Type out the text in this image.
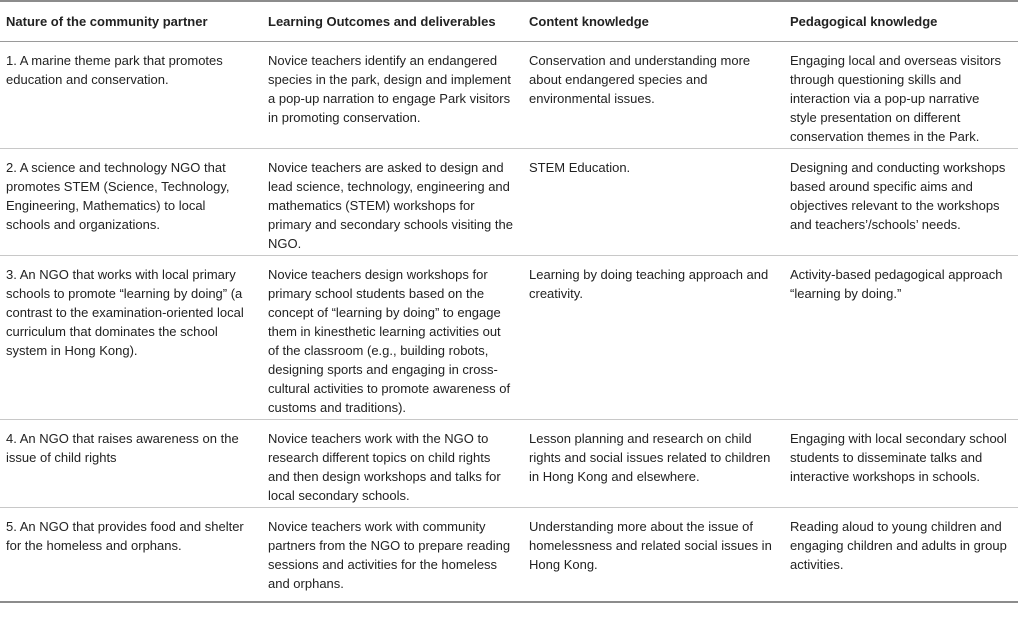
Nature of the community partner	Learning Outcomes and deliverables	Content knowledge	Pedagogical knowledge
1. A marine theme park that promotes education and conservation.	Novice teachers identify an endangered species in the park, design and implement a pop-up narration to engage Park visitors in promoting conservation.	Conservation and understanding more about endangered species and environmental issues.	Engaging local and overseas visitors through questioning skills and interaction via a pop-up narrative style presentation on different conservation themes in the Park.
2. A science and technology NGO that promotes STEM (Science, Technology, Engineering, Mathematics) to local schools and organizations.	Novice teachers are asked to design and lead science, technology, engineering and mathematics (STEM) workshops for primary and secondary schools visiting the NGO.	STEM Education.	Designing and conducting workshops based around specific aims and objectives relevant to the workshops and teachers’/schools’ needs.
3. An NGO that works with local primary schools to promote “learning by doing” (a contrast to the examination-oriented local curriculum that dominates the school system in Hong Kong).	Novice teachers design workshops for primary school students based on the concept of “learning by doing” to engage them in kinesthetic learning activities out of the classroom (e.g., building robots, designing sports and engaging in cross-cultural activities to promote awareness of customs and traditions).	Learning by doing teaching approach and creativity.	Activity-based pedagogical approach “learning by doing.”
4. An NGO that raises awareness on the issue of child rights	Novice teachers work with the NGO to research different topics on child rights and then design workshops and talks for local secondary schools.	Lesson planning and research on child rights and social issues related to children in Hong Kong and elsewhere.	Engaging with local secondary school students to disseminate talks and interactive workshops in schools.
5. An NGO that provides food and shelter for the homeless and orphans.	Novice teachers work with community partners from the NGO to prepare reading sessions and activities for the homeless and orphans.	Understanding more about the issue of homelessness and related social issues in Hong Kong.	Reading aloud to young children and engaging children and adults in group activities.
